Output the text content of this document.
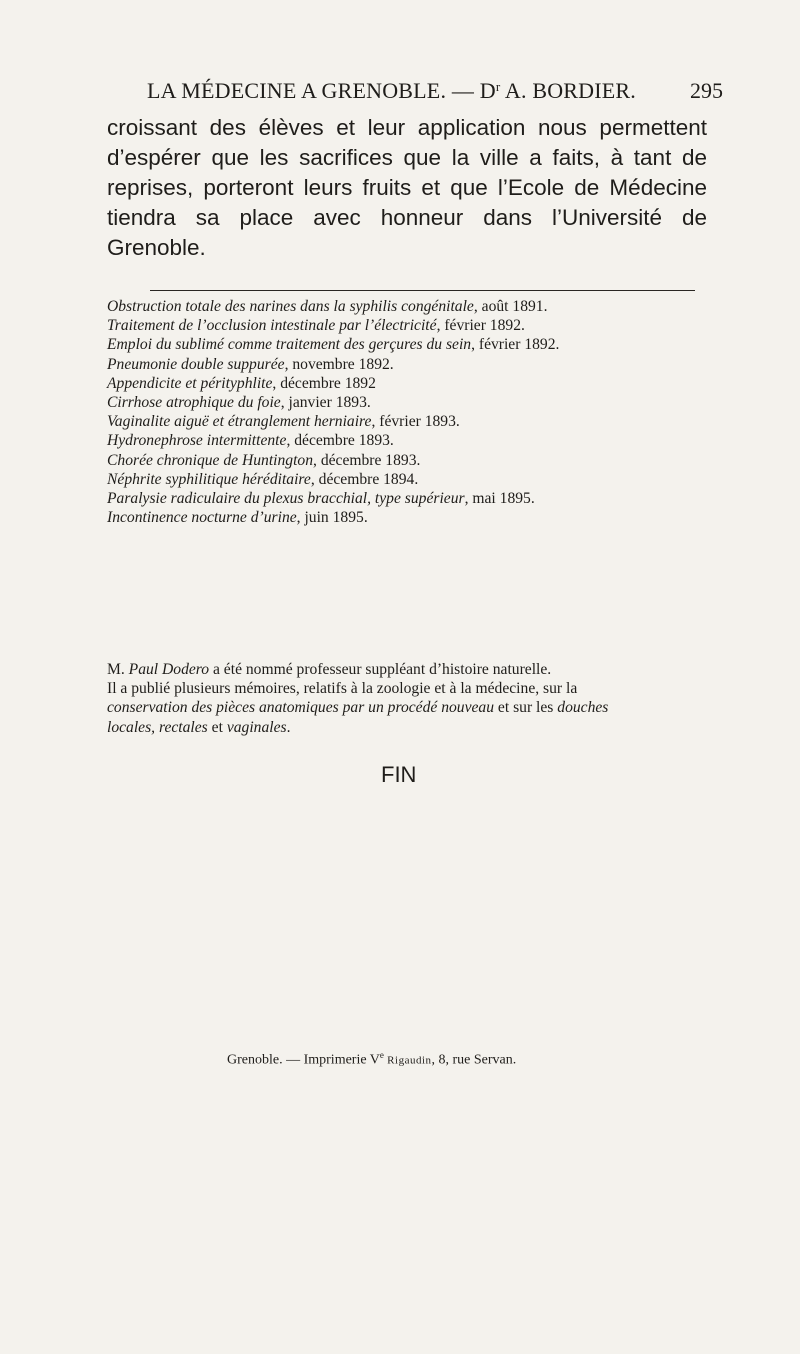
LA MÉDECINE A GRENOBLE. — $D^r$ A. BORDIER.	295

croissant des élèves et leur application nous permettent d’espérer que les sacrifices que la ville a faits, à tant de reprises, porteront leurs fruits et que l’Ecole de Médecine tiendra sa place avec honneur dans l’Université de Grenoble.

Obstruction totale des narines dans la syphilis congénitale, août 1891.
Traitement de l’occlusion intestinale par l’électricité, février 1892.
Emploi du sublimé comme traitement des gerçures du sein, février 1892.
Pneumonie double suppurée, novembre 1892.
Appendicite et pérityphlite, décembre 1892
Cirrhose atrophique du foie, janvier 1893.
Vaginalite aiguë et étranglement herniaire, février 1893.
Hydronephrose intermittente, décembre 1893.
Chorée chronique de Huntington, décembre 1893.
Néphrite syphilitique héréditaire, décembre 1894.
Paralysie radiculaire du plexus bracchial, type supérieur, mai 1895.
Incontinence nocturne d’urine, juin 1895.
M. Paul Dodero a été nommé professeur suppléant d’histoire naturelle.
Il a publié plusieurs mémoires, relatifs à la zoologie et à la médecine, sur la
conservation des pièces anatomiques par un procédé nouveau et sur les douches
locales, rectales et vaginales.
FIN
Grenoble. — Imprimerie Ve Rigaudin, 8, rue Servan.
